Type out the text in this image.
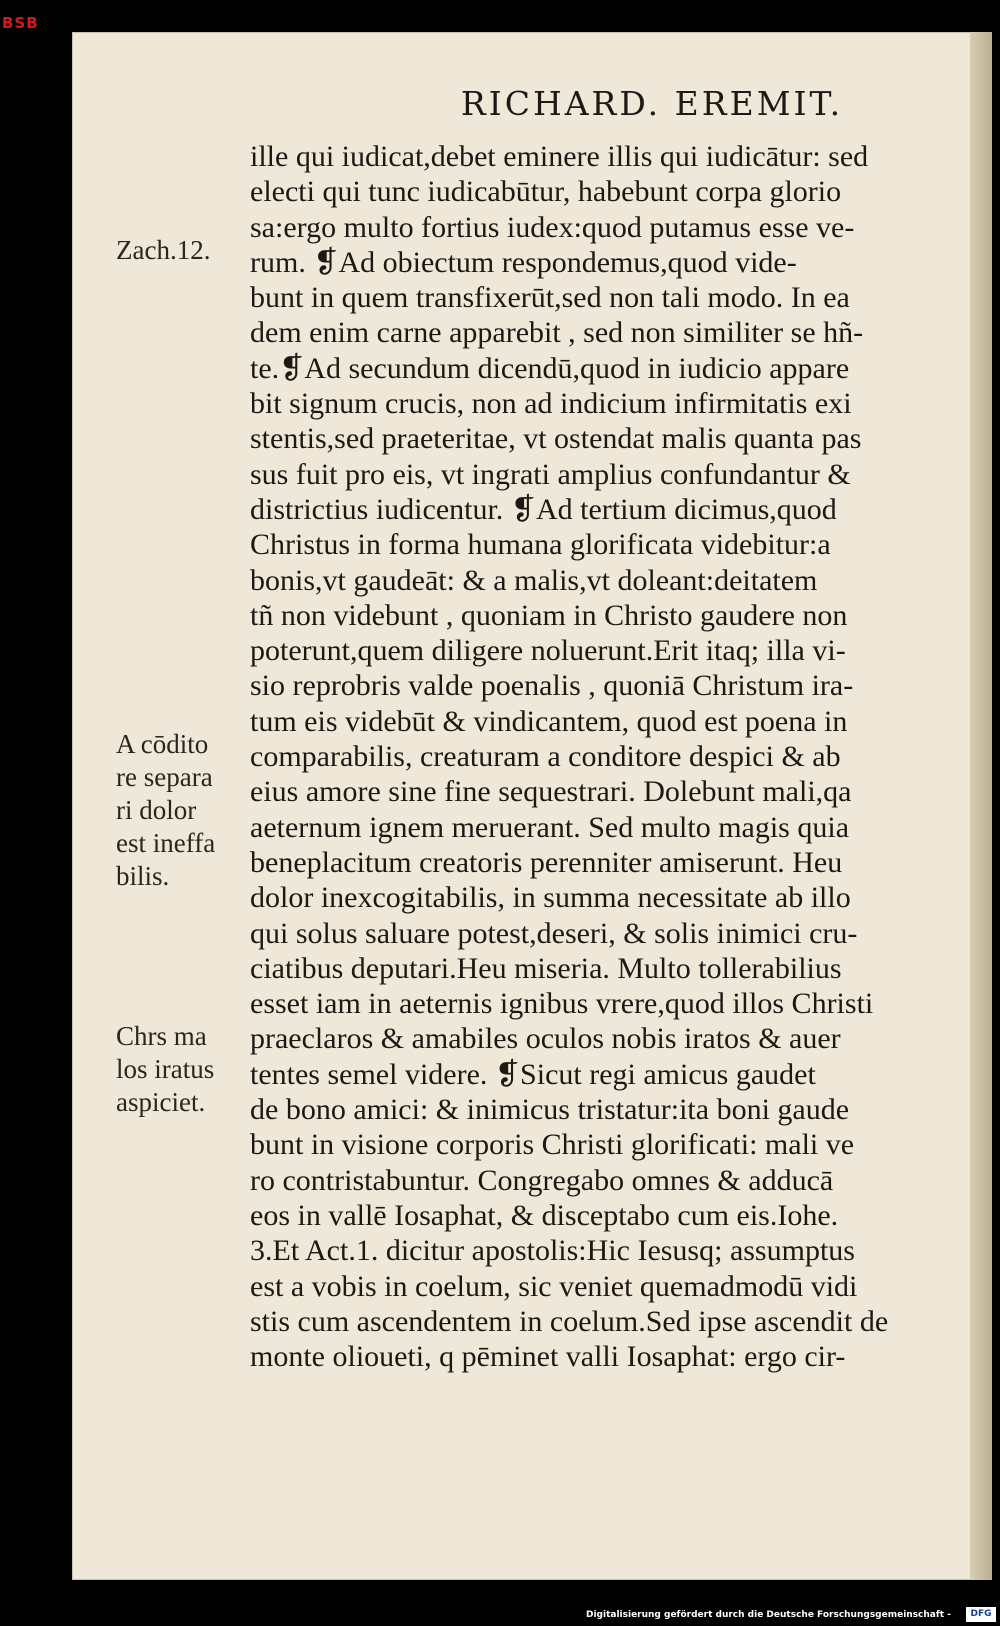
BSB
RICHARD. EREMIT.
Zach.12.
A cōdito
re separa
ri dolor
est ineffa
bilis.
Chrs ma
los iratus
aspiciet.
ille qui iudicat,debet eminere illis qui iudicātur: sed
electi qui tunc iudicabūtur, habebunt corpa glorio
sa:ergo multo fortius iudex:quod putamus esse ve-
rum. ❡Ad obiectum respondemus,quod vide-
bunt in quem transfixerūt,sed non tali modo. In ea
dem enim carne apparebit , sed non similiter se hñ-
te.❡Ad secundum dicendū,quod in iudicio appare
bit signum crucis, non ad indicium infirmitatis exi
stentis,sed praeteritae, vt ostendat malis quanta pas
sus fuit pro eis, vt ingrati amplius confundantur &
districtius iudicentur. ❡Ad tertium dicimus,quod
Christus in forma humana glorificata videbitur:a
bonis,vt gaudeāt: & a malis,vt doleant:deitatem
tñ non videbunt , quoniam in Christo gaudere non
poterunt,quem diligere noluerunt.Erit itaq; illa vi-
sio reprobris valde poenalis , quoniā Christum ira-
tum eis videbūt & vindicantem, quod est poena in
comparabilis, creaturam a conditore despici & ab
eius amore sine fine sequestrari. Dolebunt mali,qa
aeternum ignem meruerant. Sed multo magis quia
beneplacitum creatoris perenniter amiserunt. Heu
dolor inexcogitabilis, in summa necessitate ab illo
qui solus saluare potest,deseri, & solis inimici cru-
ciatibus deputari.Heu miseria. Multo tollerabilius
esset iam in aeternis ignibus vrere,quod illos Christi
praeclaros & amabiles oculos nobis iratos & auer
tentes semel videre. ❡Sicut regi amicus gaudet
de bono amici: & inimicus tristatur:ita boni gaude
bunt in visione corporis Christi glorificati: mali ve
ro contristabuntur. Congregabo omnes & adducā
eos in vallē Iosaphat, & disceptabo cum eis.Iohe.
3.Et Act.1. dicitur apostolis:Hic Iesusq; assumptus
est a vobis in coelum, sic veniet quemadmodū vidi
stis cum ascendentem in coelum.Sed ipse ascendit de
monte olioueti, q pēminet valli Iosaphat: ergo cir-
Digitalisierung gefördert durch die Deutsche Forschungsgemeinschaft -	DFG
